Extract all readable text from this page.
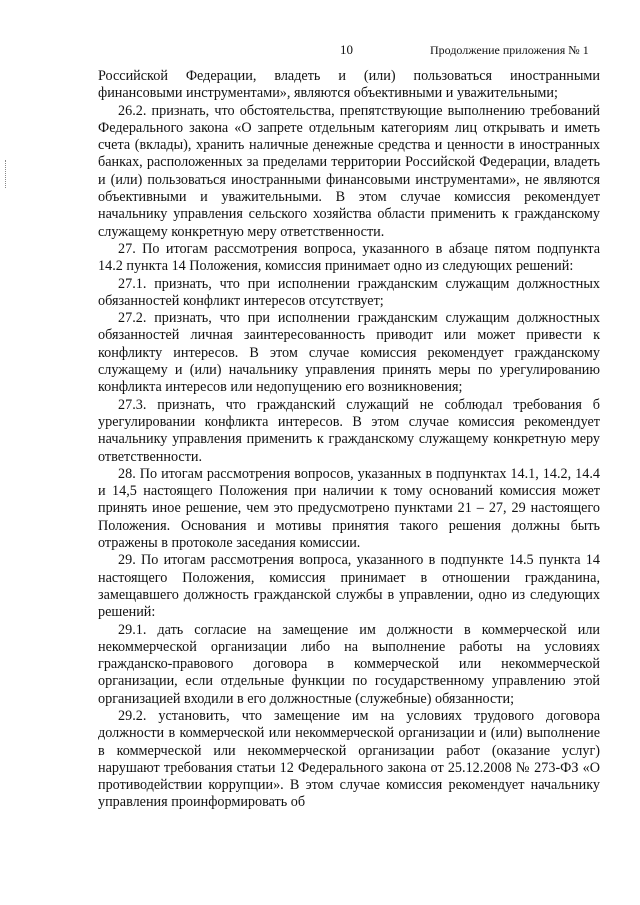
10	Продолжение приложения № 1

Российской Федерации, владеть и (или) пользоваться иностранными финансовыми инструментами», являются объективными и уважительными;

26.2. признать, что обстоятельства, препятствующие выполнению требований Федерального закона «О запрете отдельным категориям лиц открывать и иметь счета (вклады), хранить наличные денежные средства и ценности в иностранных банках, расположенных за пределами территории Российской Федерации, владеть и (или) пользоваться иностранными финансовыми инструментами», не являются объективными и уважительными. В этом случае комиссия рекомендует начальнику управления сельского хозяйства области применить к гражданскому служащему конкретную меру ответственности.

27. По итогам рассмотрения вопроса, указанного в абзаце пятом подпункта 14.2 пункта 14 Положения, комиссия принимает одно из следующих решений:

27.1. признать, что при исполнении гражданским служащим должностных обязанностей конфликт интересов отсутствует;

27.2. признать, что при исполнении гражданским служащим должностных обязанностей личная заинтересованность приводит или может привести к конфликту интересов. В этом случае комиссия рекомендует гражданскому служащему и (или) начальнику управления принять меры по урегулированию конфликта интересов или недопущению его возникновения;

27.3. признать, что гражданский служащий не соблюдал требования б урегулировании конфликта интересов. В этом случае комиссия рекомендует начальнику управления применить к гражданскому служащему конкретную меру ответственности.

28. По итогам рассмотрения вопросов, указанных в подпунктах 14.1, 14.2, 14.4 и 14,5 настоящего Положения при наличии к тому оснований комиссия может принять иное решение, чем это предусмотрено пунктами 21 – 27, 29 настоящего Положения. Основания и мотивы принятия такого решения должны быть отражены в протоколе заседания комиссии.

29. По итогам рассмотрения вопроса, указанного в подпункте 14.5 пункта 14 настоящего Положения, комиссия принимает в отношении гражданина, замещавшего должность гражданской службы в управлении, одно из следующих решений:

29.1. дать согласие на замещение им должности в коммерческой или некоммерческой организации либо на выполнение работы на условиях гражданско-правового договора в коммерческой или некоммерческой организации, если отдельные функции по государственному управлению этой организацией входили в его должностные (служебные) обязанности;

29.2. установить, что замещение им на условиях трудового договора должности в коммерческой или некоммерческой организации и (или) выполнение в коммерческой или некоммерческой организации работ (оказание услуг) нарушают требования статьи 12 Федерального закона от 25.12.2008 № 273-ФЗ «О противодействии коррупции». В этом случае комиссия рекомендует начальнику управления проинформировать об
